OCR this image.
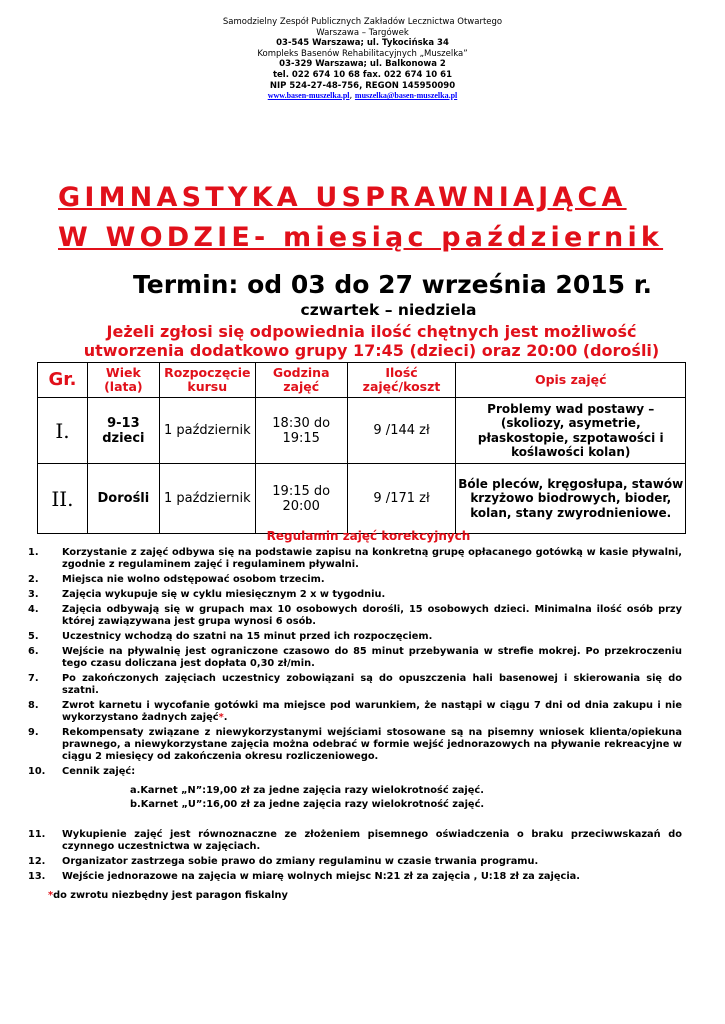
Samodzielny Zespół Publicznych Zakładów Lecznictwa Otwartego
Warszawa – Targówek
03-545 Warszawa; ul. Tykocińska 34
Kompleks Basenów Rehabilitacyjnych „Muszelka”
03-329 Warszawa; ul. Balkonowa 2
tel. 022 674 10 68 fax. 022 674 10 61
NIP 524-27-48-756, REGON 145950090
www.basen-muszelka.pl, muszelka@basen-muszelka.pl
GIMNASTYKA USPRAWNIAJĄCA
W WODZIE- miesiąc październik
Termin: od 03 do 27 września 2015 r.
czwartek – niedziela
Jeżeli zgłosi się odpowiednia ilość chętnych jest możliwość
utworzenia dodatkowo grupy 17:45 (dzieci) oraz 20:00 (dorośli)
Gr.	Wiek (lata)	Rozpoczęcie kursu	Godzina zajęć	Ilość zajęć/koszt	Opis zajęć
I.	9-13 dzieci	1 październik	18:30 do 19:15	9 /144 zł	Problemy wad postawy – (skoliozy, asymetrie, płaskostopie, szpotawości i koślawości kolan)
II.	Dorośli	1 październik	19:15 do 20:00	9 /171 zł	Bóle pleców, kręgosłupa, stawów krzyżowo biodrowych, bioder, kolan, stany zwyrodnieniowe.
Regulamin zajęć korekcyjnych
1.	Korzystanie z zajęć odbywa się na podstawie zapisu na konkretną grupę opłacanego gotówką w kasie pływalni, zgodnie z regulaminem zajęć i regulaminem pływalni.
2.	Miejsca nie wolno odstępować osobom trzecim.
3.	Zajęcia wykupuje się w cyklu miesięcznym 2 x w tygodniu.
4.	Zajęcia odbywają się w grupach max 10 osobowych dorośli, 15 osobowych dzieci. Minimalna ilość osób przy której zawiązywana jest grupa wynosi 6 osób.
5.	Uczestnicy wchodzą do szatni na 15 minut przed ich rozpoczęciem.
6.	Wejście na pływalnię jest ograniczone czasowo do 85 minut przebywania w strefie mokrej. Po przekroczeniu tego czasu doliczana jest dopłata 0,30 zł/min.
7.	Po zakończonych zajęciach uczestnicy zobowiązani są do opuszczenia hali basenowej i skierowania się do szatni.
8.	Zwrot karnetu i wycofanie gotówki ma miejsce pod warunkiem, że nastąpi w ciągu 7 dni od dnia zakupu i nie wykorzystano żadnych zajęć*.
9.	Rekompensaty związane z niewykorzystanymi wejściami stosowane są na pisemny wniosek klienta/opiekuna prawnego, a niewykorzystane zajęcia można odebrać w formie wejść jednorazowych na pływanie rekreacyjne w ciągu 2 miesięcy od zakończenia okresu rozliczeniowego.
10.	Cennik zajęć:
a.Karnet „N”:19,00 zł za jedne zajęcia razy wielokrotność zajęć.
b.Karnet „U”:16,00 zł za jedne zajęcia razy wielokrotność zajęć.
11.	Wykupienie zajęć jest równoznaczne ze złożeniem pisemnego oświadczenia o braku przeciwwskazań do czynnego uczestnictwa w zajęciach.
12.	Organizator zastrzega sobie prawo do zmiany regulaminu w czasie trwania programu.
13.	Wejście jednorazowe na zajęcia w miarę wolnych miejsc N:21 zł za zajęcia , U:18 zł za zajęcia.
*do zwrotu niezbędny jest paragon fiskalny
